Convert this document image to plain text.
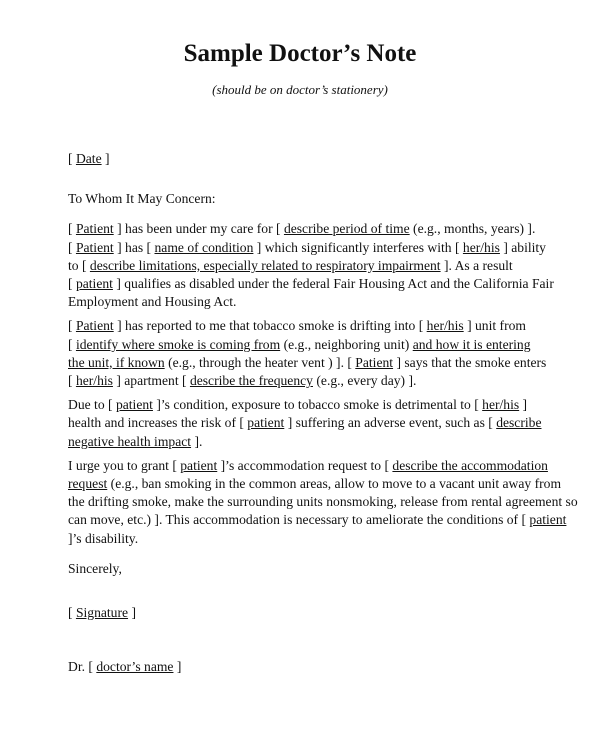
Sample Doctor’s Note
(should be on doctor’s stationery)

[ Date ]

To Whom It May Concern:

[ Patient ] has been under my care for [ describe period of time (e.g., months, years) ].
[ Patient ] has [ name of condition ] which significantly interferes with [ her/his ] ability
to [ describe limitations, especially related to respiratory impairment ]. As a result
[ patient ] qualifies as disabled under the federal Fair Housing Act and the California Fair Employment and Housing Act.

[ Patient ] has reported to me that tobacco smoke is drifting into [ her/his ] unit from
[ identify where smoke is coming from (e.g., neighboring unit) and how it is entering
the unit, if known (e.g., through the heater vent ) ]. [ Patient ] says that the smoke enters
[ her/his ] apartment [ describe the frequency (e.g., every day) ].

Due to [ patient ]’s condition, exposure to tobacco smoke is detrimental to [ her/his ]
health and increases the risk of [ patient ] suffering an adverse event, such as [ describe negative health impact ].

I urge you to grant [ patient ]’s accommodation request to [ describe the accommodation request (e.g., ban smoking in the common areas, allow to move to a vacant unit away from the drifting smoke, make the surrounding units nonsmoking, release from rental agreement so can move, etc.) ]. This accommodation is necessary to ameliorate the conditions of [ patient ]’s disability.

Sincerely,

[ Signature ]

Dr. [ doctor’s name ]
